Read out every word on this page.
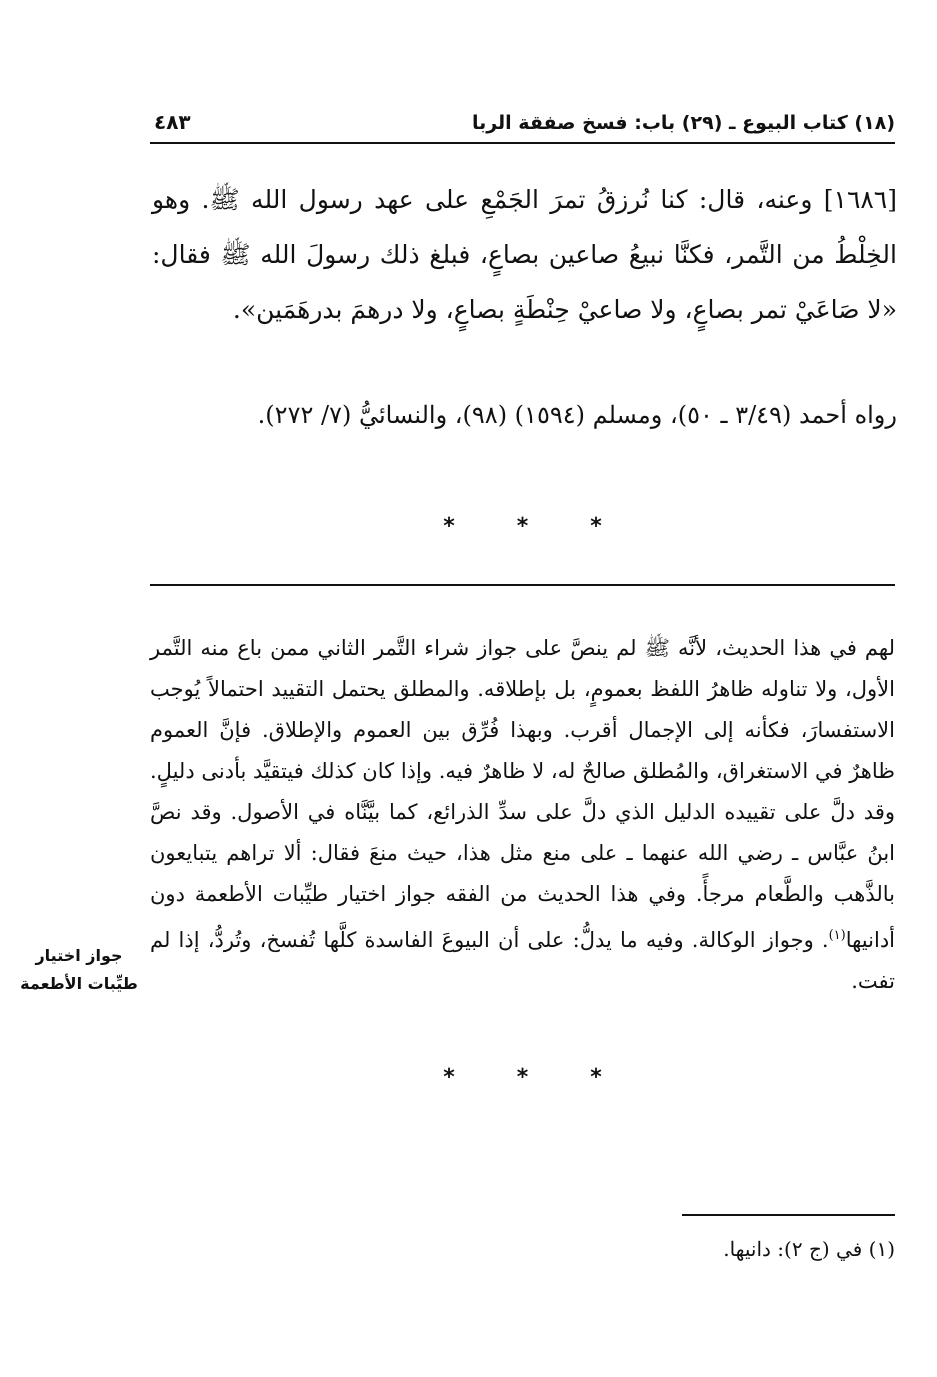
(١٨) كتاب البيوع ـ (٢٩) باب: فسخ صفقة الربا
٤٨٣

[١٦٨٦] وعنه، قال: كنا نُرزقُ تمرَ الجَمْعِ على عهد رسول الله ﷺ. وهو الخِلْطُ من التَّمر، فكنَّا نبيعُ صاعين بصاعٍ، فبلغ ذلك رسولَ الله ﷺ فقال: «لا صَاعَيْ تمر بصاعٍ، ولا صاعيْ حِنْطَةٍ بصاعٍ، ولا درهمَ بدرهَمَين».

رواه أحمد (٣/٤٩ ـ ٥٠)، ومسلم (١٥٩٤) (٩٨)، والنسائيُّ (٧/ ٢٧٢).

*	*	*

لهم في هذا الحديث، لأنَّه ﷺ لم ينصَّ على جواز شراء التَّمر الثاني ممن باع منه التَّمر الأول، ولا تناوله ظاهرُ اللفظ بعمومٍ، بل بإطلاقه. والمطلق يحتمل التقييد احتمالاً يُوجب الاستفسارَ، فكأنه إلى الإجمال أقرب. وبهذا فُرِّق بين العموم والإطلاق. فإنَّ العموم ظاهرٌ في الاستغراق، والمُطلق صالحٌ له، لا ظاهرٌ فيه. وإذا كان كذلك فيتقيَّد بأدنى دليلٍ. وقد دلَّ على تقييده الدليل الذي دلَّ على سدِّ الذرائع، كما بيَّنَّاه في الأصول. وقد نصَّ ابنُ عبَّاس ـ رضي الله عنهما ـ على منع مثل هذا، حيث منعَ فقال: ألا تراهم يتبايعون بالذَّهب والطَّعام مرجأً. وفي هذا الحديث من الفقه جواز اختيار طيِّبات الأطعمة دون أدانيها$^{(١)}$. وجواز الوكالة. وفيه ما يدلُّ: على أن البيوعَ الفاسدة كلَّها تُفسخ، وتُردُّ، إذا لم تفت.

جواز اختيار
طيِّبات الأطعمة
*	*	*

(١) في (ج ٢): دانيها.
